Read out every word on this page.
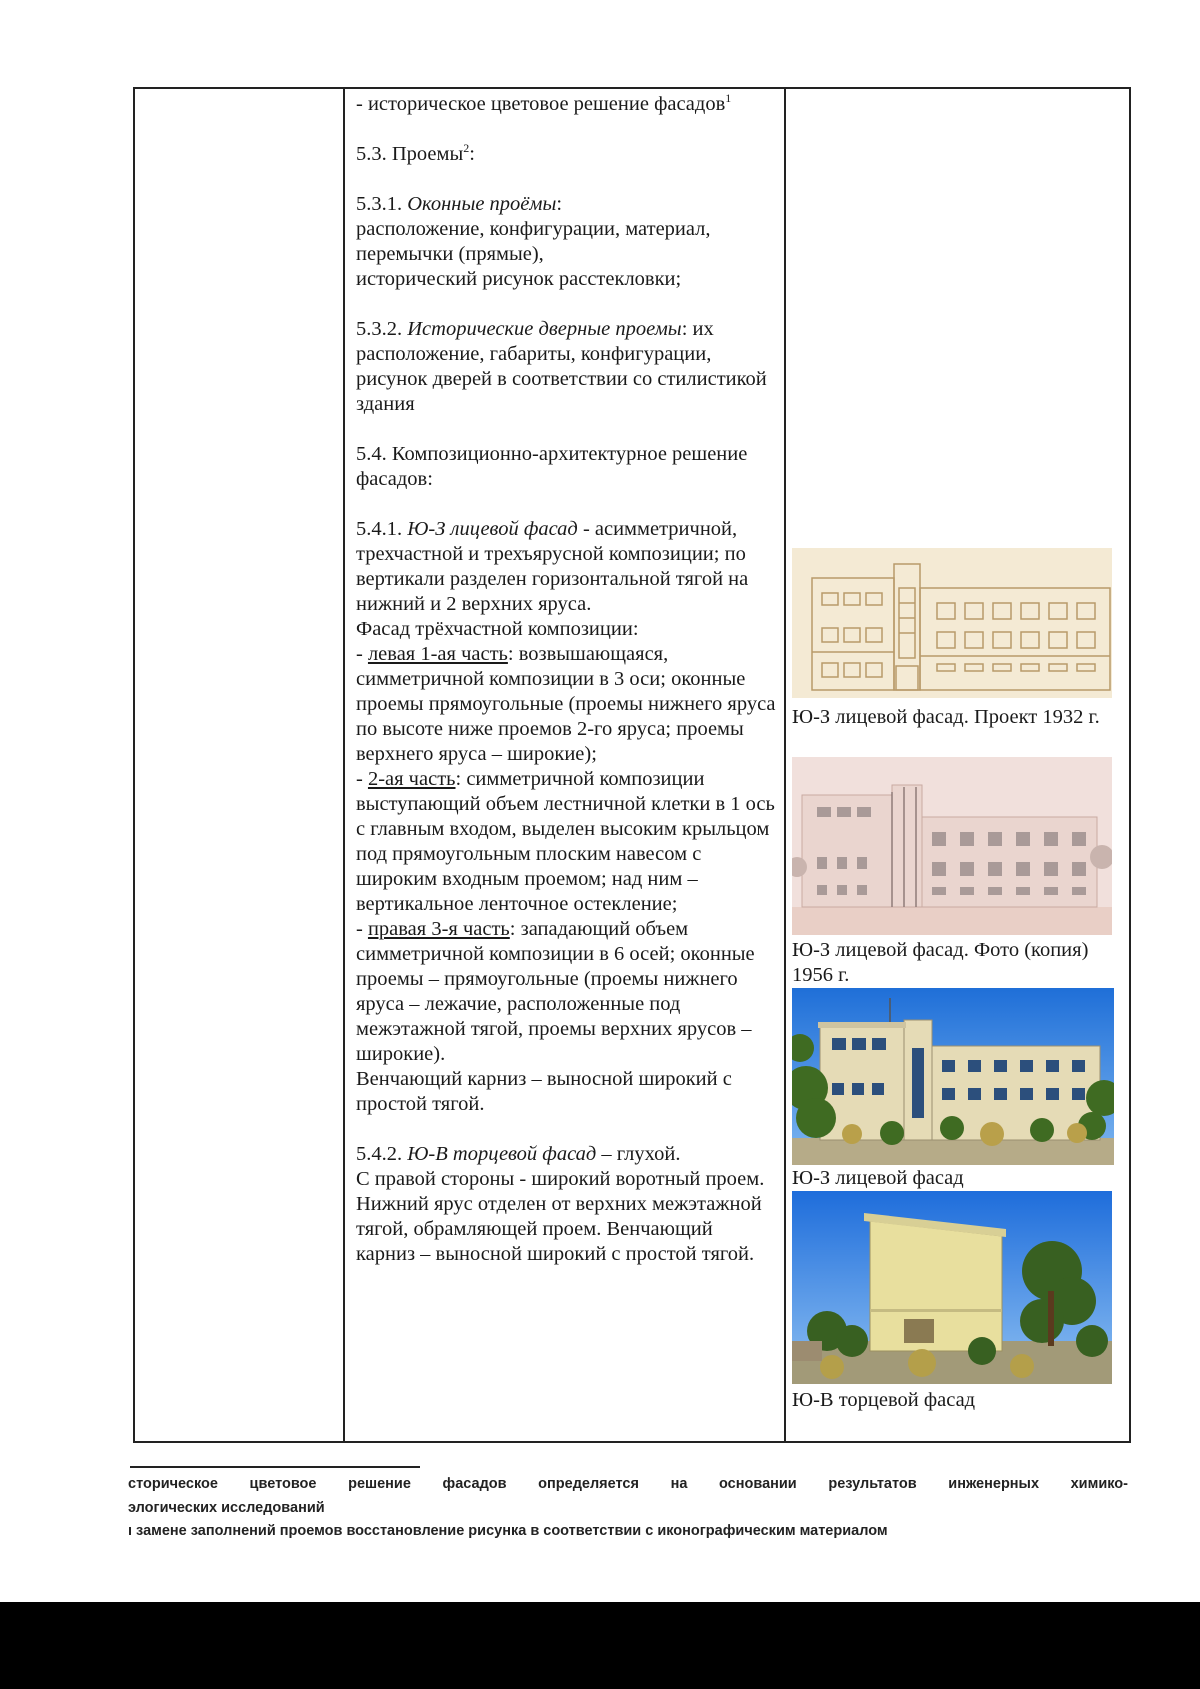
- историческое цветовое решение фасадов$^1$

5.3. Проемы$^2$:

5.3.1. Оконные проёмы:
расположение, конфигурации, материал,
перемычки (прямые),
исторический рисунок расстекловки;

5.3.2. Исторические дверные проемы: их расположение, габариты, конфигурации, рисунок дверей в соответствии со стилистикой здания

5.4. Композиционно-архитектурное решение фасадов:

5.4.1. Ю-З лицевой фасад - асимметричной, трехчастной и трехъярусной композиции; по вертикали разделен горизонтальной тягой на нижний и 2 верхних яруса.
Фасад трёхчастной композиции:
- левая 1-ая часть: возвышающаяся, симметричной композиции в 3 оси; оконные проемы прямоугольные (проемы нижнего яруса по высоте ниже проемов 2-го яруса; проемы верхнего яруса – широкие);
- 2-ая часть: симметричной композиции выступающий объем лестничной клетки в 1 ось с главным входом, выделен высоким крыльцом под прямоугольным плоским навесом с широким входным проемом; над ним – вертикальное ленточное остекление;
- правая 3-я часть: западающий объем симметричной композиции в 6 осей; оконные проемы – прямоугольные (проемы нижнего яруса – лежачие, расположенные под межэтажной тягой, проемы верхних ярусов – широкие).
Венчающий карниз – выносной широкий с простой тягой.

5.4.2. Ю-В торцевой фасад – глухой.
С правой стороны - широкий воротный проем. Нижний ярус отделен от верхних межэтажной тягой, обрамляющей проем. Венчающий карниз – выносной широкий с простой тягой.

Ю-З лицевой фасад. Проект 1932 г.
Ю-З лицевой фасад. Фото (копия) 1956 г.
Ю-З лицевой фасад
Ю-В торцевой фасад
сторическое цветовое решение фасадов определяется на основании результатов инженерных химико-
элогических исследований
ı замене заполнений проемов восстановление рисунка в соответствии с иконографическим материалом
